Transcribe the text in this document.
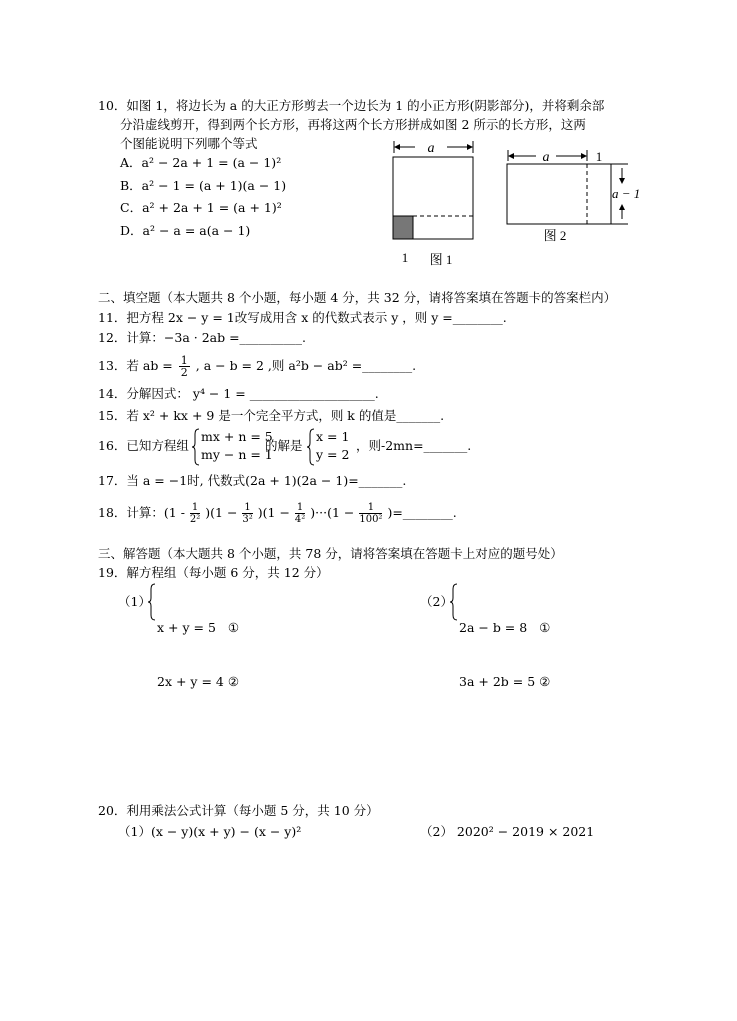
10．如图 1，将边长为 a 的大正方形剪去一个边长为 1 的小正方形(阴影部分)，并将剩余部
分沿虚线剪开，得到两个长方形，再将这两个长方形拼成如图 2 所示的长方形，这两
个图能说明下列哪个等式
A．a² − 2a + 1 = (a − 1)²
B．a² − 1 = (a + 1)(a − 1)
C．a² + 2a + 1 = (a + 1)²
D．a² − a = a(a − 1)
a
1 图 1
a	1
a − 1
图 2
二、填空题（本大题共 8 个小题，每小题 4 分，共 32 分，请将答案填在答题卡的答案栏内）
11．把方程 2x − y = 1改写成用含 x 的代数式表示 y ，则 y =________.
12．计算：−3a · 2ab =__________.
13．若 ab = $\frac{1}{2}$ , a − b = 2 ,则 a²b − ab² =________.
14．分解因式： y⁴ − 1 = ____________________.
15．若 x² + kx + 9 是一个完全平方式，则 k 的值是_______.
16．已知方程组
mx + n = 5
my − n = 1
的解是
x = 1
y = 2
，则-2mn=_______.
17．当 a = −1时, 代数式(2a + 1)(2a − 1)=_______.
18．计算：$(1 - \frac{1}{\text{2²}} )(1 - \frac{1}{\text{3²}} )(1 - \frac{1}{\text{4²}} )\cdot\cdot\cdot(1 - \frac{1}{\text{100²}}$ )=________.
三、解答题（本大题共 8 个小题，共 78 分，请将答案填在答题卡上对应的题号处）
19．解方程组（每小题 6 分，共 12 分）
（1）

x + y = 5   ①

2x + y = 4 ②

（2）

2a − b = 8   ①

3a + 2b = 5 ②

20．利用乘法公式计算（每小题 5 分，共 10 分）
（1）(x − y)(x + y) − (x − y)²	（2） 2020² − 2019 × 2021
